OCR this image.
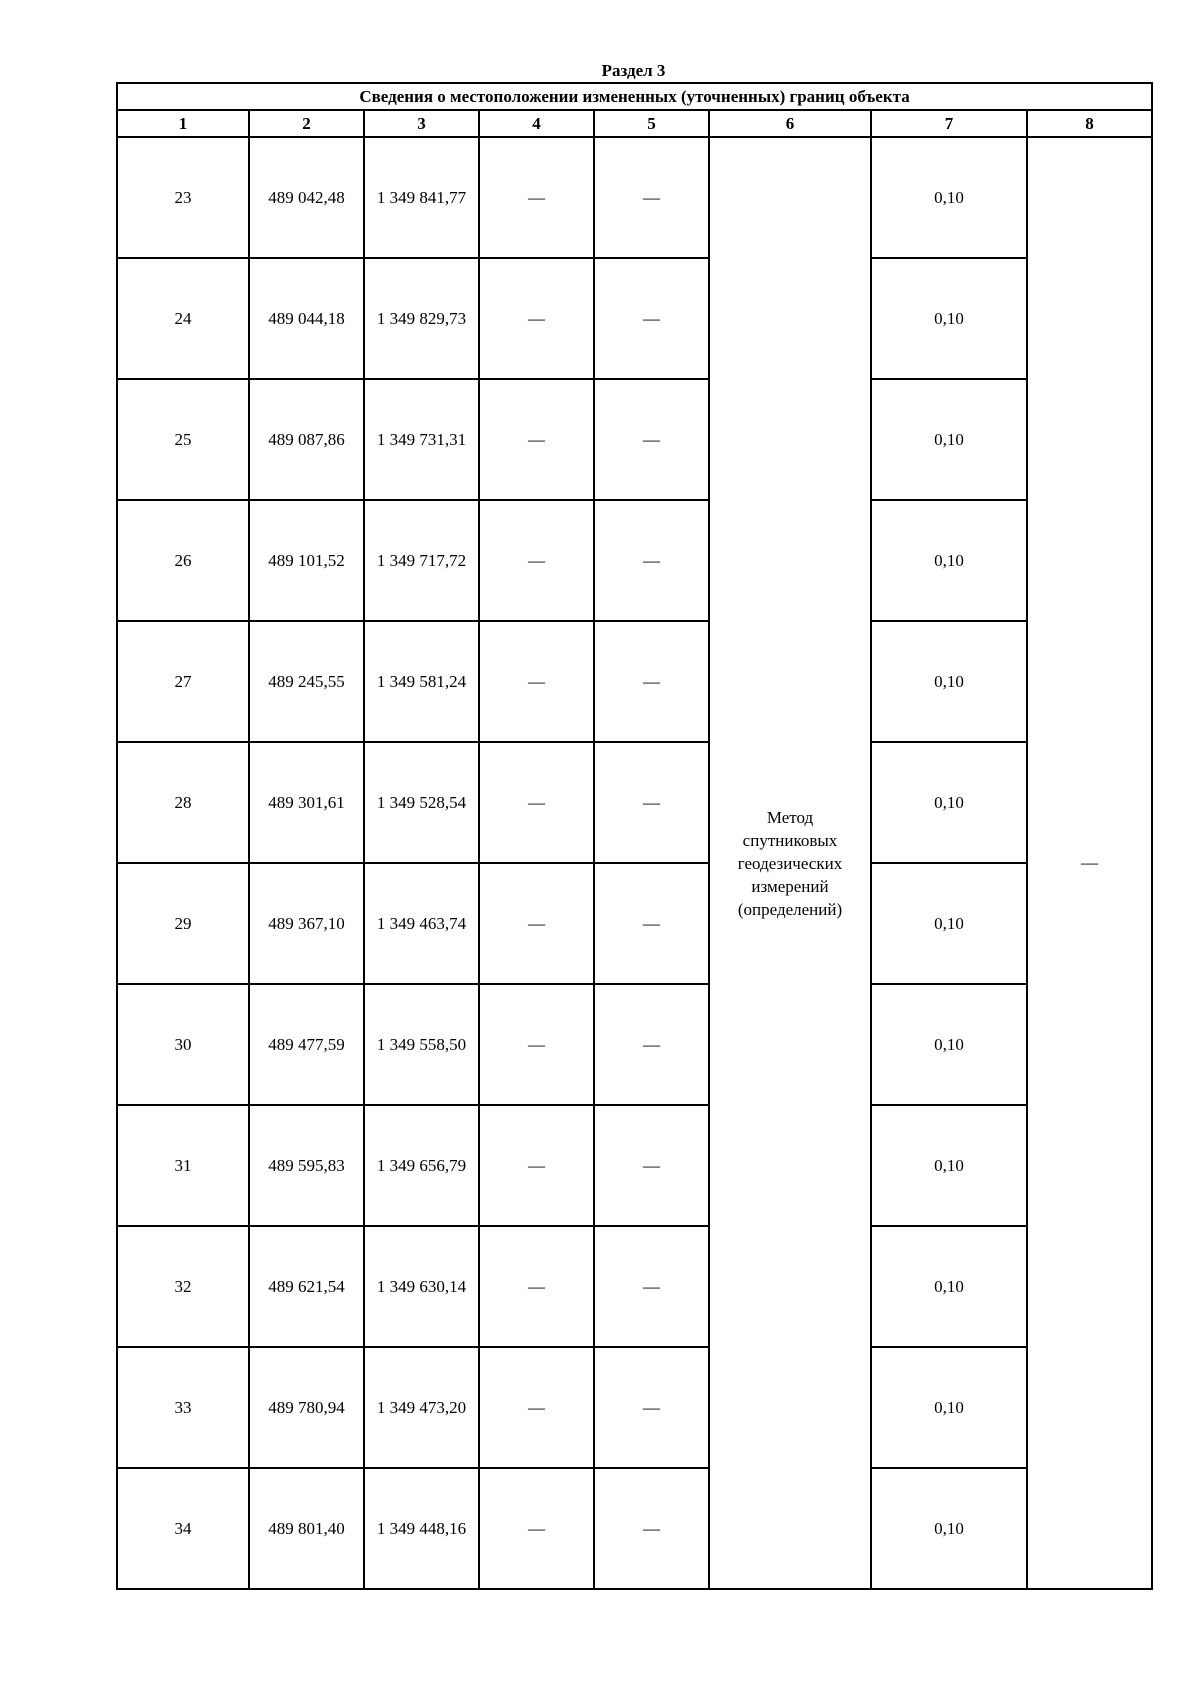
Раздел 3
Сведения о местоположении измененных (уточненных) границ объекта							
1	2	3	4	5	6	7	8
23	489 042,48	1 349 841,77	—	—	Метод
спутниковых
геодезических
измерений
(определений)	0,10	—
24	489 044,18	1 349 829,73	—	—		0,10	
25	489 087,86	1 349 731,31	—	—		0,10	
26	489 101,52	1 349 717,72	—	—		0,10	
27	489 245,55	1 349 581,24	—	—		0,10	
28	489 301,61	1 349 528,54	—	—		0,10	
29	489 367,10	1 349 463,74	—	—		0,10	
30	489 477,59	1 349 558,50	—	—		0,10	
31	489 595,83	1 349 656,79	—	—		0,10	
32	489 621,54	1 349 630,14	—	—		0,10	
33	489 780,94	1 349 473,20	—	—		0,10	
34	489 801,40	1 349 448,16	—	—		0,10	
